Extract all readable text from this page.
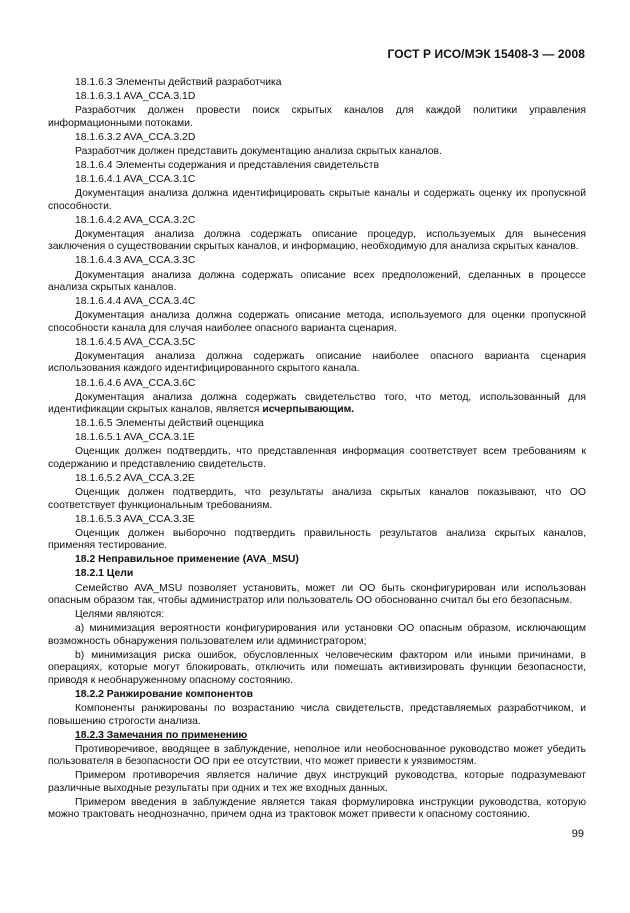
ГОСТ Р ИСО/МЭК 15408-3 — 2008

18.1.6.3 Элементы действий разработчика

18.1.6.3.1 AVA_CCA.3.1D

Разработчик должен провести поиск скрытых каналов для каждой политики управления информационными потоками.

18.1.6.3.2 AVA_CCA.3.2D

Разработчик должен представить документацию анализа скрытых каналов.

18.1.6.4 Элементы содержания и представления свидетельств

18.1.6.4.1 AVA_CCA.3.1C

Документация анализа должна идентифицировать скрытые каналы и содержать оценку их пропускной способности.

18.1.6.4.2 AVA_CCA.3.2C

Документация анализа должна содержать описание процедур, используемых для вынесения заключения о существовании скрытых каналов, и информацию, необходимую для анализа скрытых каналов.

18.1.6.4.3 AVA_CCA.3.3C

Документация анализа должна содержать описание всех предположений, сделанных в процессе анализа скрытых каналов.

18.1.6.4.4 AVA_CCA.3.4C

Документация анализа должна содержать описание метода, используемого для оценки пропускной способности канала для случая наиболее опасного варианта сценария.

18.1.6.4.5 AVA_CCA.3.5C

Документация анализа должна содержать описание наиболее опасного варианта сценария использования каждого идентифицированного скрытого канала.

18.1.6.4.6 AVA_CCA.3.6C

Документация анализа должна содержать свидетельство того, что метод, использованный для идентификации скрытых каналов, является исчерпывающим.

18.1.6.5 Элементы действий оценщика

18.1.6.5.1 AVA_CCA.3.1E

Оценщик должен подтвердить, что представленная информация соответствует всем требованиям к содержанию и представлению свидетельств.

18.1.6.5.2 AVA_CCA.3.2E

Оценщик должен подтвердить, что результаты анализа скрытых каналов показывают, что ОО соответствует функциональным требованиям.

18.1.6.5.3 AVA_CCA.3.3E

Оценщик должен выборочно подтвердить правильность результатов анализа скрытых каналов, применяя тестирование.

18.2 Неправильное применение (AVA_MSU)

18.2.1 Цели

Семейство AVA_MSU позволяет установить, может ли ОО быть сконфигурирован или использован опасным образом так, чтобы администратор или пользователь ОО обоснованно считал бы его безопасным.

Целями являются:

а) минимизация вероятности конфигурирования или установки ОО опасным образом, исключающим возможность обнаружения пользователем или администратором;

b) минимизация риска ошибок, обусловленных человеческим фактором или иными причинами, в операциях, которые могут блокировать, отключить или помешать активизировать функции безопасности, приводя к необнаруженному опасному состоянию.

18.2.2 Ранжирование компонентов

Компоненты ранжированы по возрастанию числа свидетельств, представляемых разработчиком, и повышению строгости анализа.

18.2.3 Замечания по применению

Противоречивое, вводящее в заблуждение, неполное или необоснованное руководство может убедить пользователя в безопасности ОО при ее отсутствии, что может привести к уязвимостям.

Примером противоречия является наличие двух инструкций руководства, которые подразумевают различные выходные результаты при одних и тех же входных данных.

Примером введения в заблуждение является такая формулировка инструкции руководства, которую можно трактовать неоднозначно, причем одна из трактовок может привести к опасному состоянию.

99
